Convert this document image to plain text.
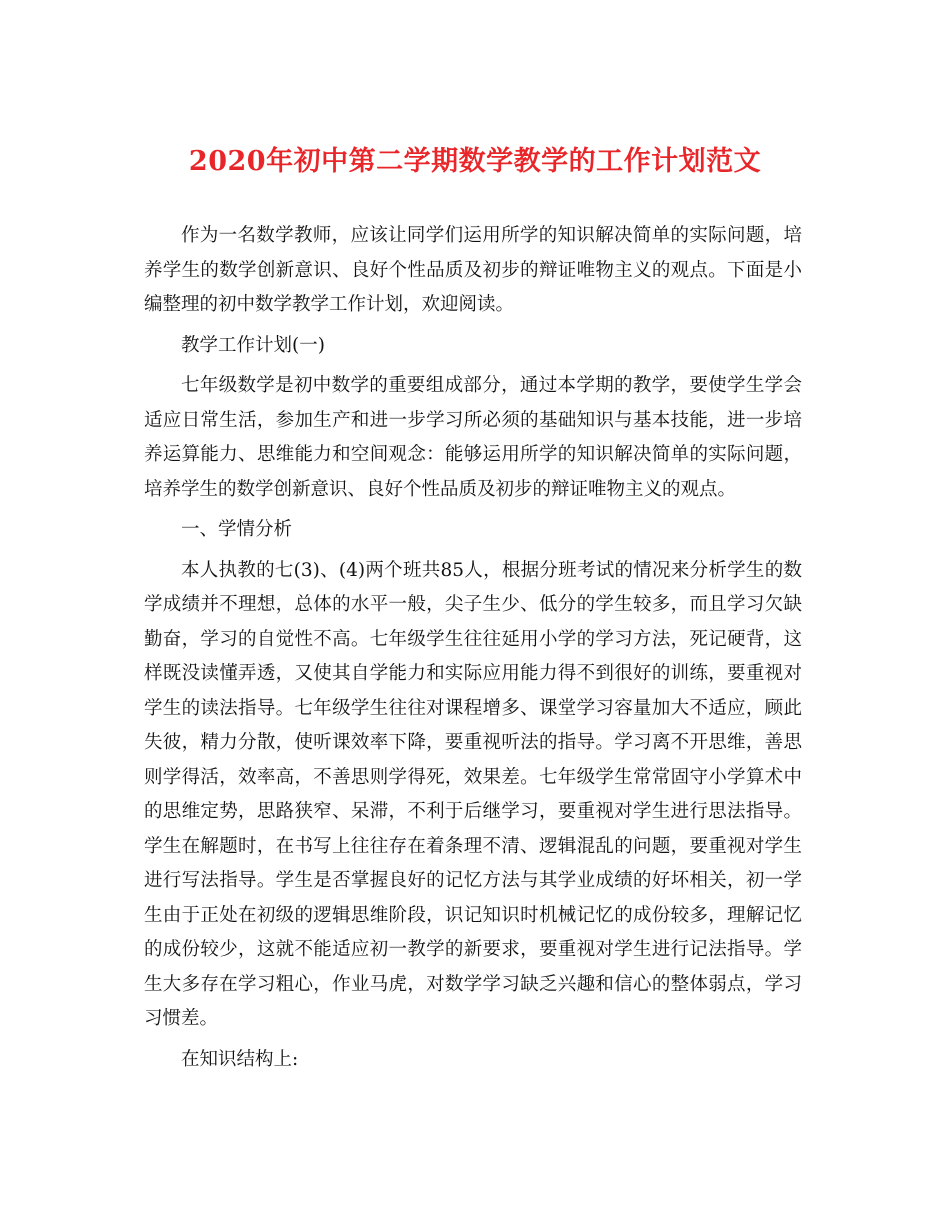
2020年初中第二学期数学教学的工作计划范文

作为一名数学教师，应该让同学们运用所学的知识解决简单的实际问题，培养学生的数学创新意识、良好个性品质及初步的辩证唯物主义的观点。下面是小编整理的初中数学教学工作计划，欢迎阅读。

教学工作计划(一)

七年级数学是初中数学的重要组成部分，通过本学期的教学，要使学生学会适应日常生活，参加生产和进一步学习所必须的基础知识与基本技能，进一步培养运算能力、思维能力和空间观念：能够运用所学的知识解决简单的实际问题，培养学生的数学创新意识、良好个性品质及初步的辩证唯物主义的观点。

一、学情分析

本人执教的七(3)、(4)两个班共85人，根据分班考试的情况来分析学生的数学成绩并不理想，总体的水平一般，尖子生少、低分的学生较多，而且学习欠缺勤奋，学习的自觉性不高。七年级学生往往延用小学的学习方法，死记硬背，这样既没读懂弄透，又使其自学能力和实际应用能力得不到很好的训练，要重视对学生的读法指导。七年级学生往往对课程增多、课堂学习容量加大不适应，顾此失彼，精力分散，使听课效率下降，要重视听法的指导。学习离不开思维，善思则学得活，效率高，不善思则学得死，效果差。七年级学生常常固守小学算术中的思维定势，思路狭窄、呆滞，不利于后继学习，要重视对学生进行思法指导。学生在解题时，在书写上往往存在着条理不清、逻辑混乱的问题，要重视对学生进行写法指导。学生是否掌握良好的记忆方法与其学业成绩的好坏相关，初一学生由于正处在初级的逻辑思维阶段，识记知识时机械记忆的成份较多，理解记忆的成份较少，这就不能适应初一教学的新要求，要重视对学生进行记法指导。学生大多存在学习粗心，作业马虎，对数学学习缺乏兴趣和信心的整体弱点，学习习惯差。

在知识结构上:
